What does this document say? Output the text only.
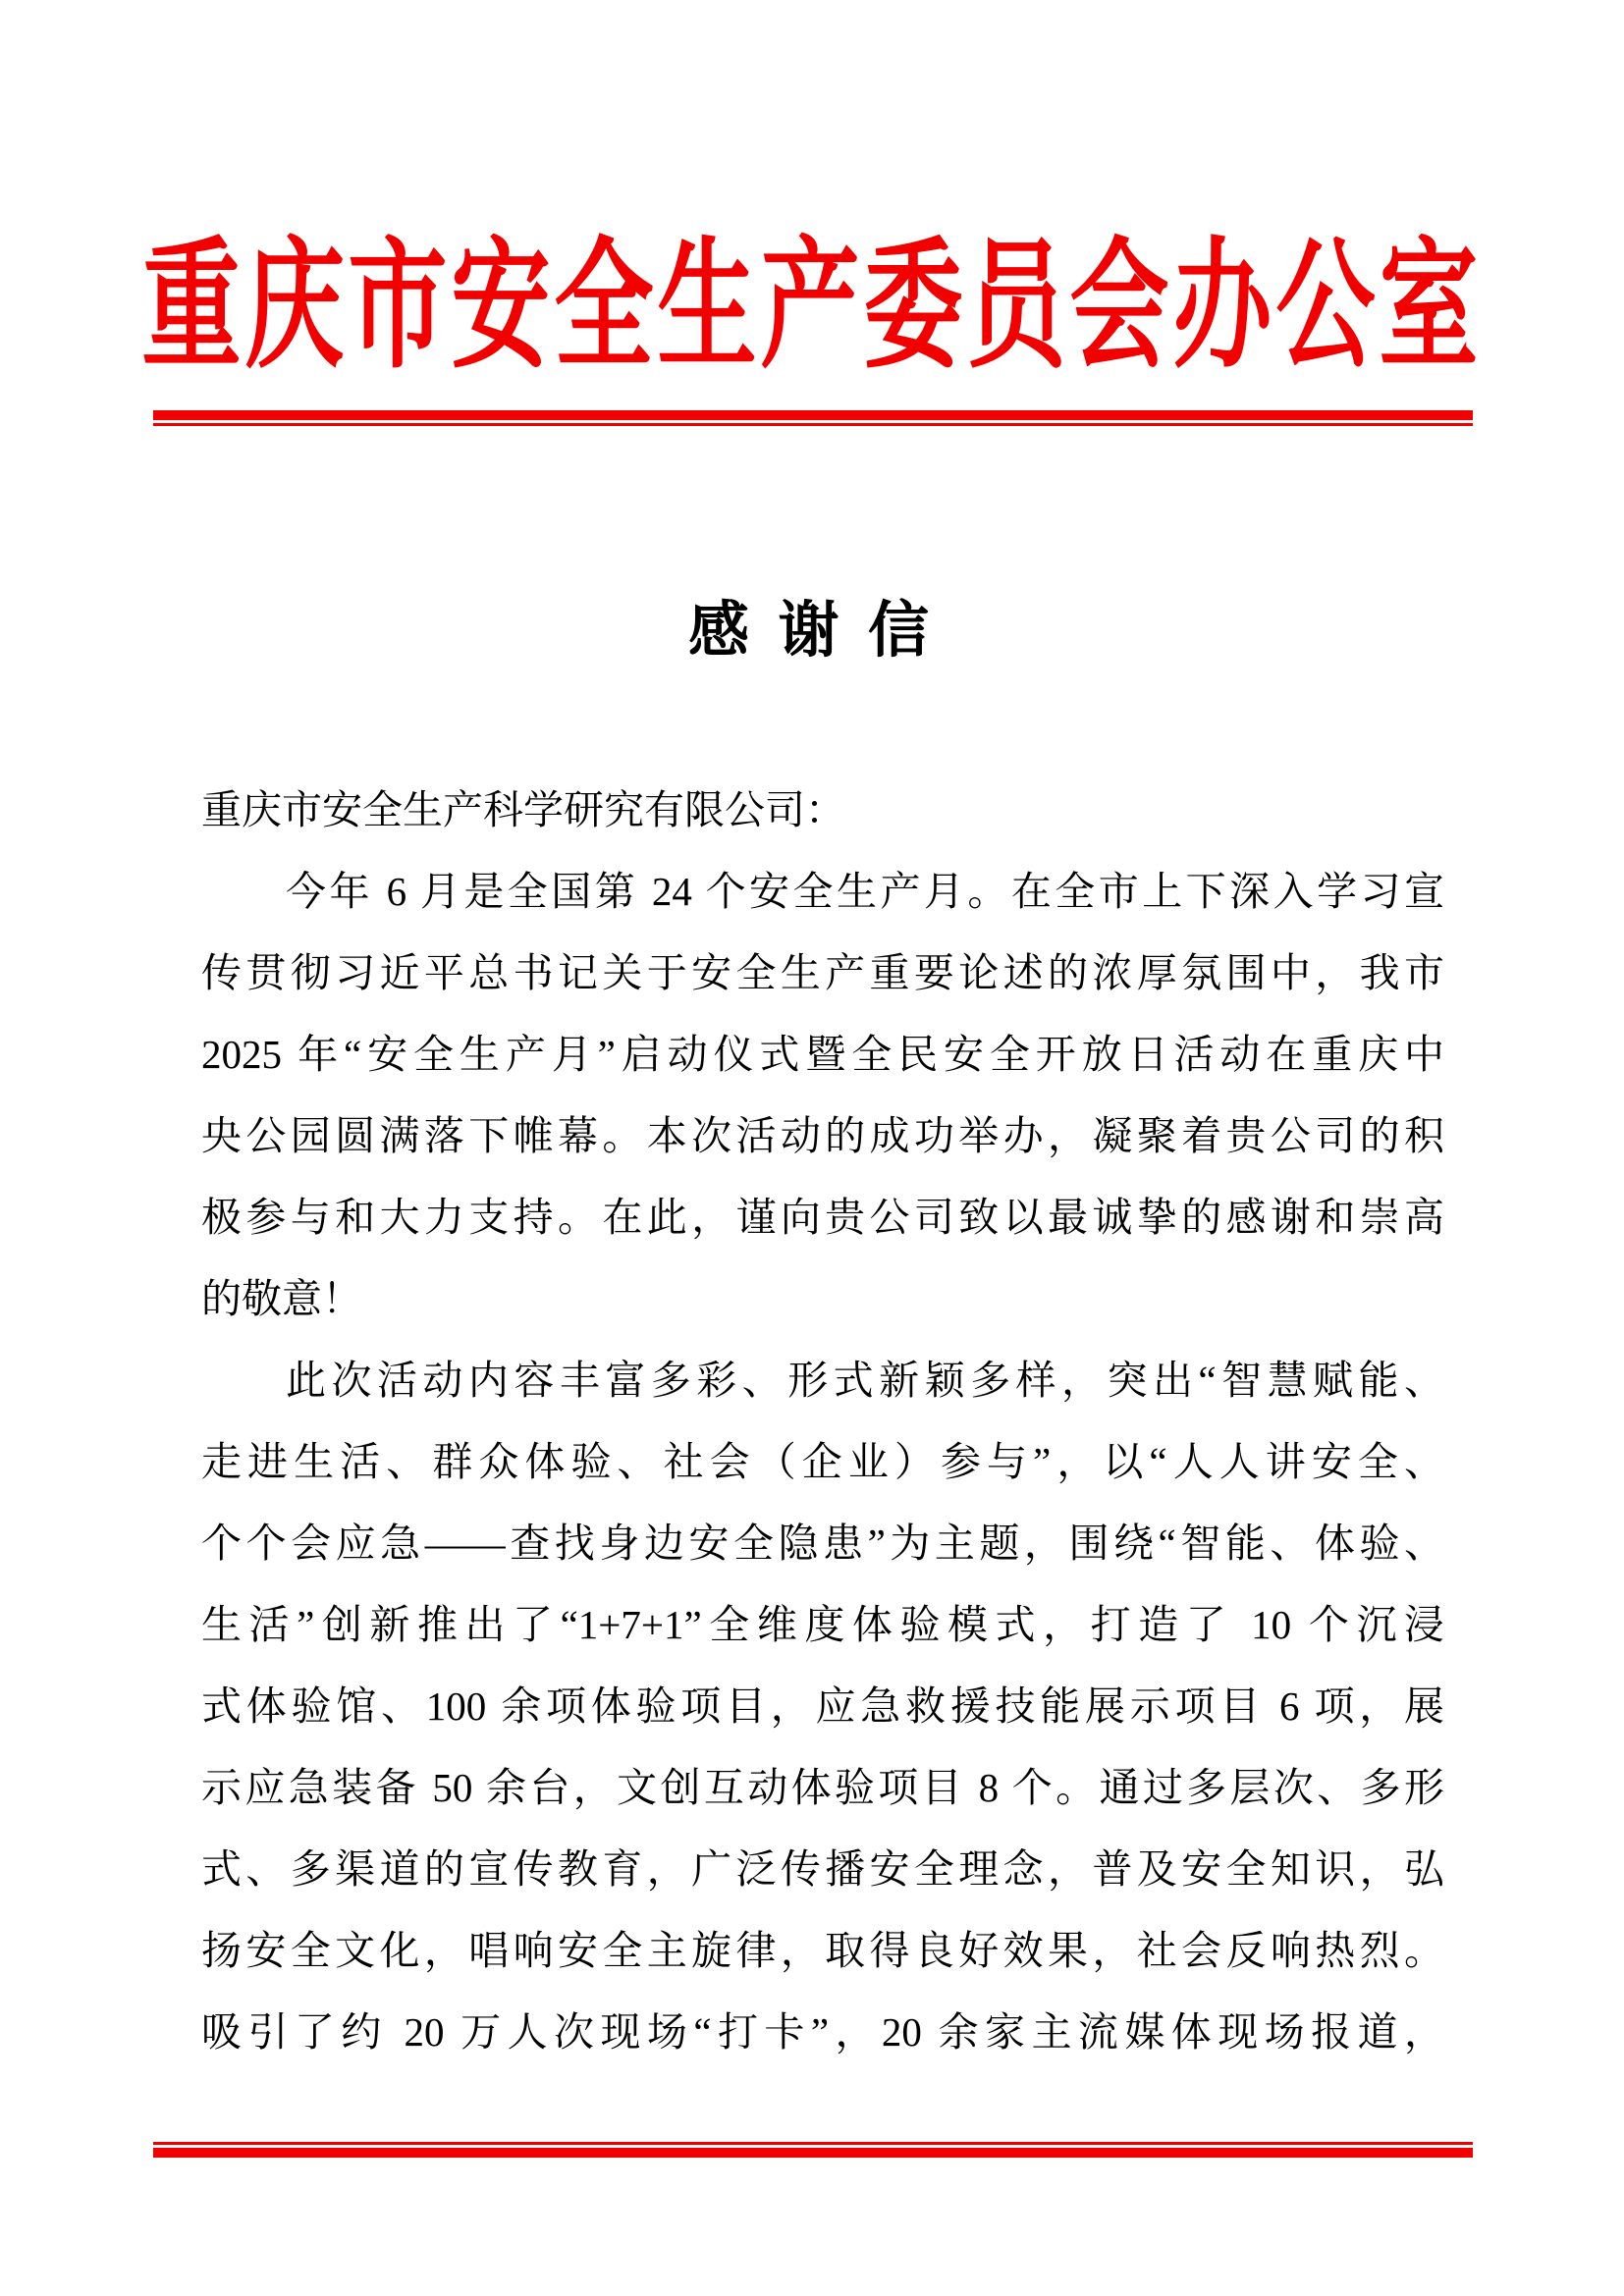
重庆市安全生产委员会办公室
感 谢 信
重庆市安全生产科学研究有限公司：
今年 6 月是全国第 24 个安全生产月。在全市上下深入学习宣
传贯彻习近平总书记关于安全生产重要论述的浓厚氛围中，我市
2025 年“安全生产月”启动仪式暨全民安全开放日活动在重庆中
央公园圆满落下帷幕。本次活动的成功举办，凝聚着贵公司的积
极参与和大力支持。在此，谨向贵公司致以最诚挚的感谢和崇高
的敬意！
此次活动内容丰富多彩、形式新颖多样，突出“智慧赋能、
走进生活、群众体验、社会（企业）参与”，以“人人讲安全、
个个会应急——查找身边安全隐患”为主题，围绕“智能、体验、
生活”创新推出了“1+7+1”全维度体验模式，打造了 10 个沉浸
式体验馆、100 余项体验项目，应急救援技能展示项目 6 项，展
示应急装备 50 余台，文创互动体验项目 8 个。通过多层次、多形
式、多渠道的宣传教育，广泛传播安全理念，普及安全知识，弘
扬安全文化，唱响安全主旋律，取得良好效果，社会反响热烈。
吸引了约 20 万人次现场“打卡”，20 余家主流媒体现场报道，
